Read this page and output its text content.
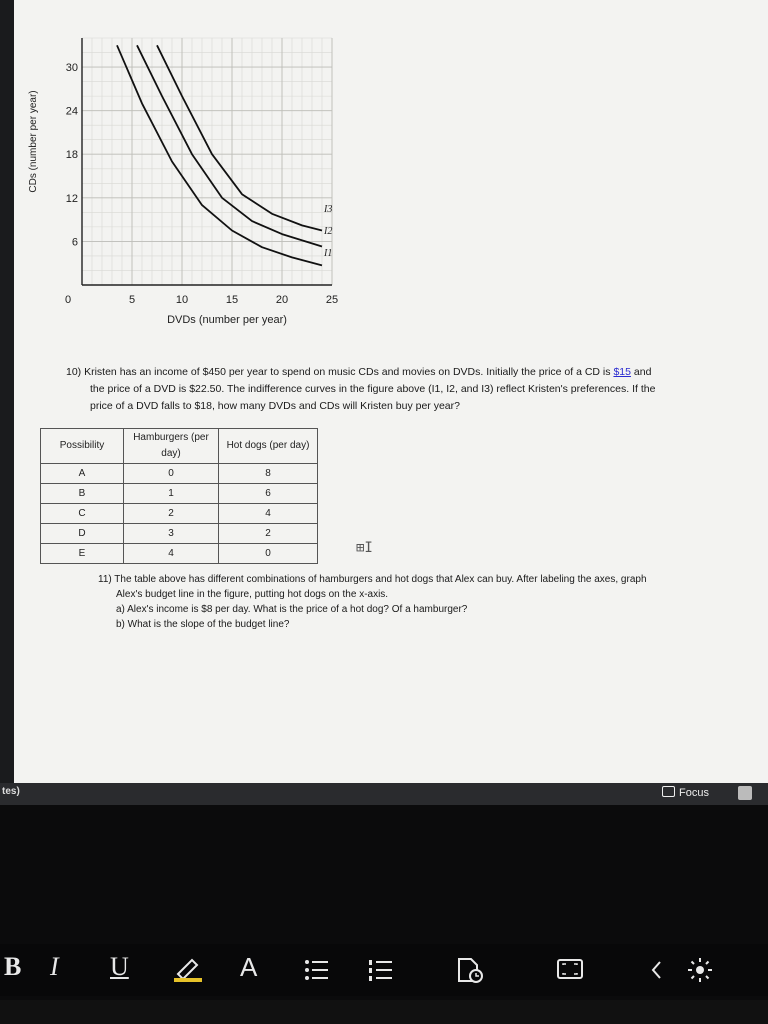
0	5	10	15	20	25
30
24
18
12
6
DVDs (number per year)
CDs (number per year)
I3
I2
I1
10) Kristen has an income of $450 per year to spend on music CDs and movies on DVDs. Initially the price of a CD is $15 and
the price of a DVD is $22.50. The indifference curves in the figure above (I1, I2, and I3) reflect Kristen's preferences. If the
price of a DVD falls to $18, how many DVDs and CDs will Kristen buy per year?
Possibility	Hamburgers (per day)	Hot dogs (per day)
A	0	8
B	1	6
C	2	4
D	3	2
E	4	0	⊞I
11) The table above has different combinations of hamburgers and hot dogs that Alex can buy. After labeling the axes, graph
Alex's budget line in the figure, putting hot dogs on the x-axis.
a) Alex's income is $8 per day. What is the price of a hot dog? Of a hamburger?
b) What is the slope of the budget line?
tes)	Focus
B I U	A
